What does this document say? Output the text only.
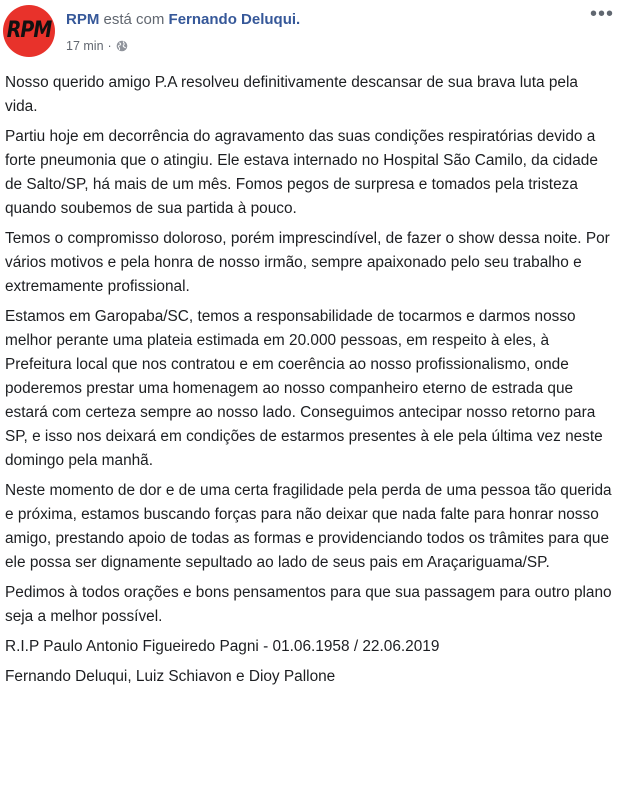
RPM RPM está com Fernando Deluqui.
17 min ·
•••

Nosso querido amigo P.A resolveu definitivamente descansar de sua brava luta pela vida.

Partiu hoje em decorrência do agravamento das suas condições respiratórias devido a forte pneumonia que o atingiu. Ele estava internado no Hospital São Camilo, da cidade de Salto/SP, há mais de um mês. Fomos pegos de surpresa e tomados pela tristeza quando soubemos de sua partida à pouco.

Temos o compromisso doloroso, porém imprescindível, de fazer o show dessa noite. Por vários motivos e pela honra de nosso irmão, sempre apaixonado pelo seu trabalho e extremamente profissional.

Estamos em Garopaba/SC, temos a responsabilidade de tocarmos e darmos nosso melhor perante uma plateia estimada em 20.000 pessoas, em respeito à eles, à Prefeitura local que nos contratou e em coerência ao nosso profissionalismo, onde poderemos prestar uma homenagem ao nosso companheiro eterno de estrada que estará com certeza sempre ao nosso lado. Conseguimos antecipar nosso retorno para SP, e isso nos deixará em condições de estarmos presentes à ele pela última vez neste domingo pela manhã.

Neste momento de dor e de uma certa fragilidade pela perda de uma pessoa tão querida e próxima, estamos buscando forças para não deixar que nada falte para honrar nosso amigo, prestando apoio de todas as formas e providenciando todos os trâmites para que ele possa ser dignamente sepultado ao lado de seus pais em Araçariguama/SP.

Pedimos à todos orações e bons pensamentos para que sua passagem para outro plano seja a melhor possível.

R.I.P Paulo Antonio Figueiredo Pagni - 01.06.1958 / 22.06.2019

Fernando Deluqui, Luiz Schiavon e Dioy Pallone
